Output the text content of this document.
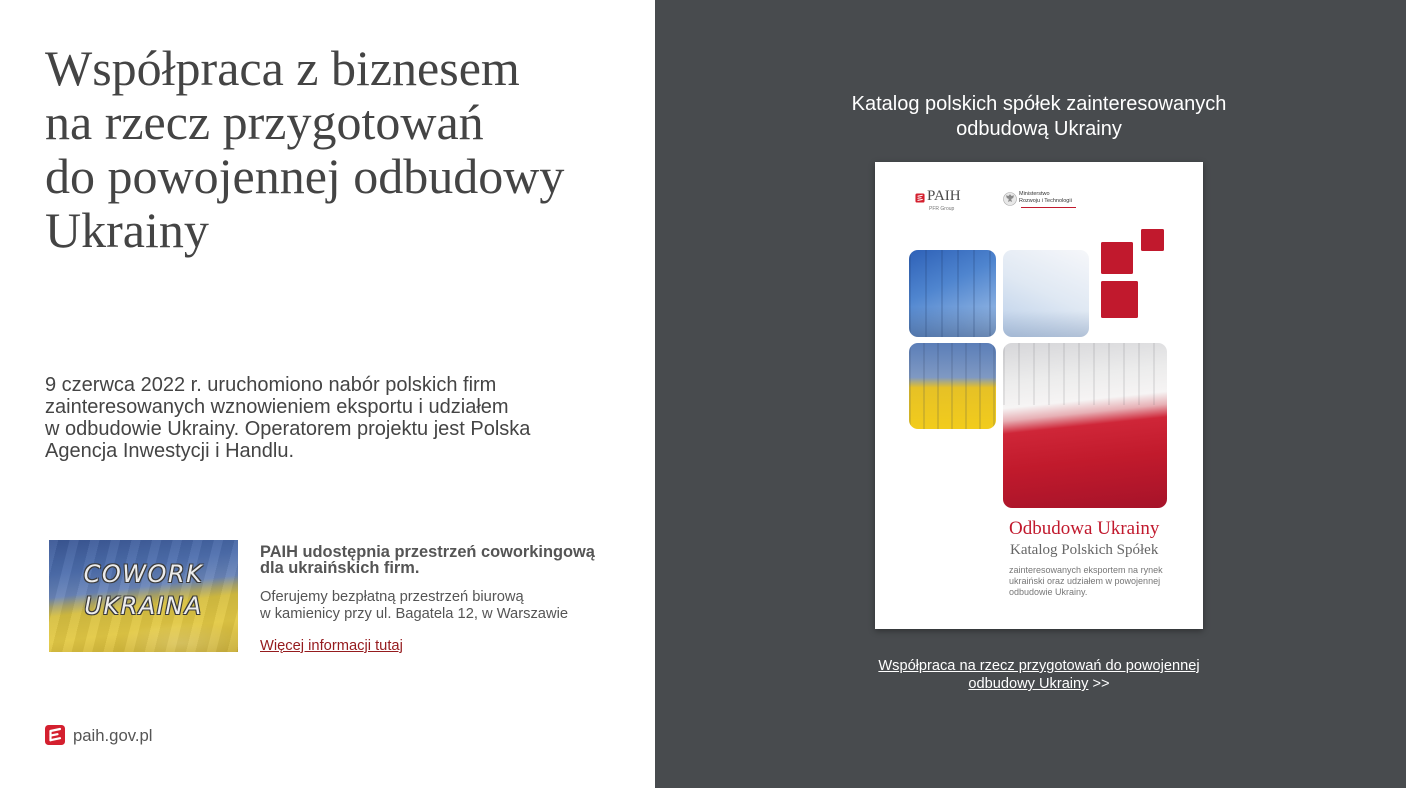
Współpraca z biznesem
na rzecz przygotowań
do powojennej odbudowy
Ukrainy

9 czerwca 2022 r. uruchomiono nabór polskich firm
zainteresowanych wznowieniem eksportu i udziałem
w odbudowie Ukrainy. Operatorem projektu jest Polska
Agencja Inwestycji i Handlu.

COWORK
UKRAINA
PAIH udostępnia przestrzeń coworkingową
dla ukraińskich firm.

Oferujemy bezpłatną przestrzeń biurową
w kamienicy przy ul. Bagatela 12, w Warszawie

Więcej informacji tutaj
paih.gov.pl
Katalog polskich spółek zainteresowanych
odbudową Ukrainy
PAIH
PFR Group
Ministerstwo
Rozwoju i Technologii
Odbudowa Ukrainy
Katalog Polskich Spółek

zainteresowanych eksportem na rynek
ukraiński oraz udziałem w powojennej
odbudowie Ukrainy.

Współpraca na rzecz przygotowań do powojennej
odbudowy Ukrainy >>
